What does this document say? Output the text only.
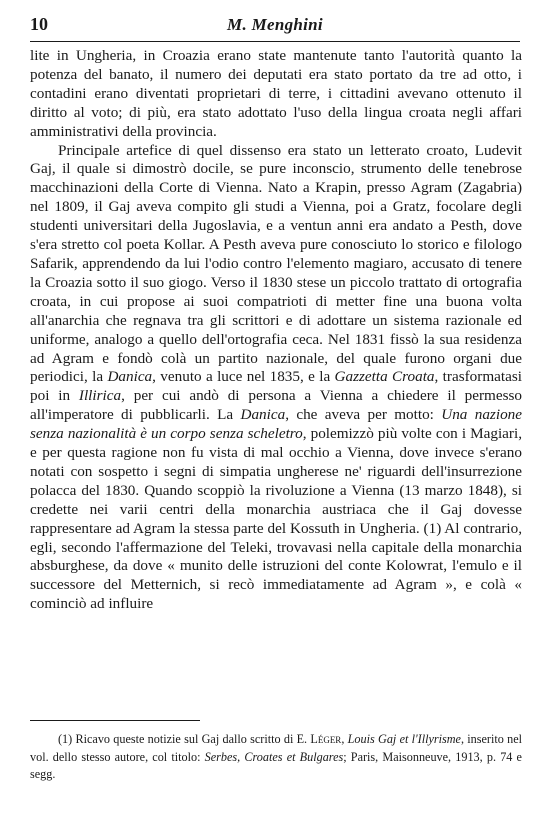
10	M. Menghini

lite in Ungheria, in Croazia erano state mantenute tanto l'autorità quanto la potenza del banato, il numero dei deputati era stato portato da tre ad otto, i contadini erano diventati proprietari di terre, i cittadini avevano ottenuto il diritto al voto; di più, era stato adottato l'uso della lingua croata negli affari amministrativi della provincia.

Principale artefice di quel dissenso era stato un letterato croato, Ludevit Gaj, il quale si dimostrò docile, se pure inconscio, strumento delle tenebrose macchinazioni della Corte di Vienna. Nato a Krapin, presso Agram (Zagabria) nel 1809, il Gaj aveva compito gli studi a Vienna, poi a Gratz, focolare degli studenti universitari della Jugoslavia, e a ventun anni era andato a Pesth, dove s'era stretto col poeta Kollar. A Pesth aveva pure conosciuto lo storico e filologo Safarik, apprendendo da lui l'odio contro l'elemento magiaro, accusato di tenere la Croazia sotto il suo giogo. Verso il 1830 stese un piccolo trattato di ortografia croata, in cui propose ai suoi compatrioti di metter fine una buona volta all'anarchia che regnava tra gli scrittori e di adottare un sistema razionale ed uniforme, analogo a quello dell'ortografia ceca. Nel 1831 fissò la sua residenza ad Agram e fondò colà un partito nazionale, del quale furono organi due periodici, la Danica, venuto a luce nel 1835, e la Gazzetta Croata, trasformatasi poi in Illirica, per cui andò di persona a Vienna a chiedere il permesso all'imperatore di pubblicarli. La Danica, che aveva per motto: Una nazione senza nazionalità è un corpo senza scheletro, polemizzò più volte con i Magiari, e per questa ragione non fu vista di mal occhio a Vienna, dove invece s'erano notati con sospetto i segni di simpatia ungherese ne' riguardi dell'insurrezione polacca del 1830. Quando scoppiò la rivoluzione a Vienna (13 marzo 1848), si credette nei varii centri della monarchia austriaca che il Gaj dovesse rappresentare ad Agram la stessa parte del Kossuth in Ungheria. (1) Al contrario, egli, secondo l'affermazione del Teleki, trovavasi nella capitale della monarchia absburghese, da dove « munito delle istruzioni del conte Kolowrat, l'emulo e il successore del Metternich, si recò immediatamente ad Agram », e colà « cominciò ad influire

(1) Ricavo queste notizie sul Gaj dallo scritto di E. Léger, Louis Gaj et l'Illyrisme, inserito nel vol. dello stesso autore, col titolo: Serbes, Croates et Bulgares; Paris, Maisonneuve, 1913, p. 74 e segg.
